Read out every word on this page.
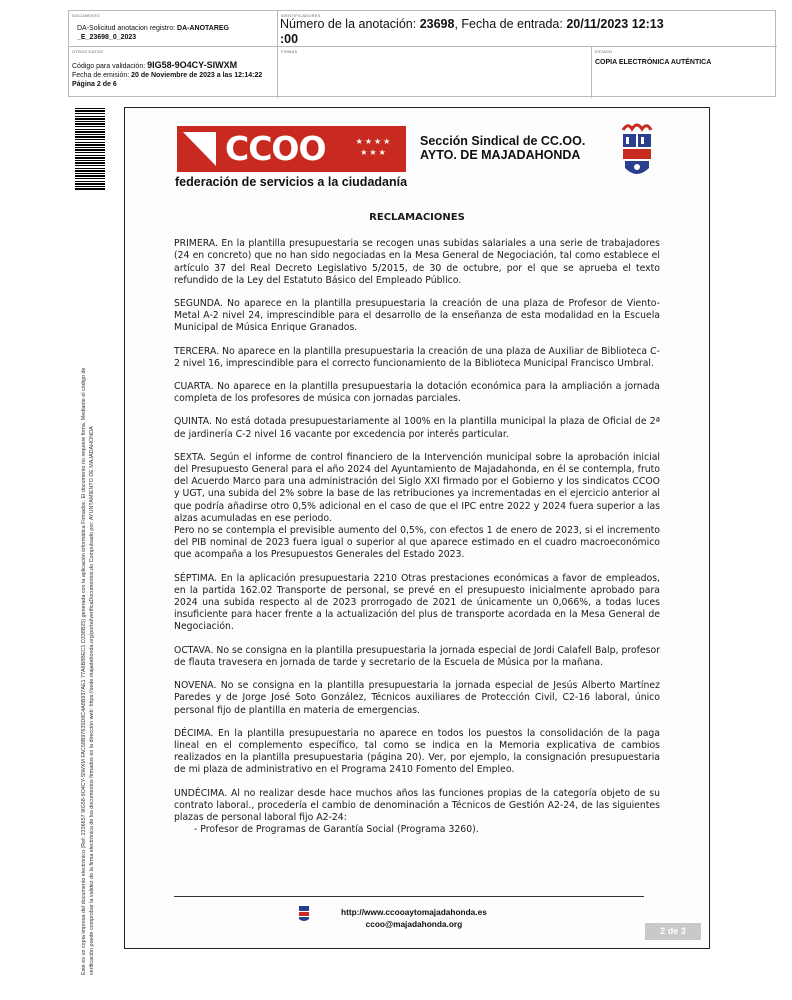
DOCUMENTO
DA-Solicitud anotacion registro: DA-ANOTAREG
_E_23698_0_2023
IDENTIFICADORES
Número de la anotación: 23698, Fecha de entrada: 20/11/2023 12:13
:00
OTROS DATOS
Código para validación: 9IG58-9O4CY-SIWXM
Fecha de emisión: 20 de Noviembre de 2023 a las 12:14:22
Página 2 de 6
FIRMAS	ESTADO
COPIA ELECTRÓNICA AUTÉNTICA
Este es un copia impresa del documento electrónico (Ref: 2336657 9IG58-9O4CY-SIWXM FAC58B97635D8C4A8B937AE1 77A6B8BEC1 D338B25) generada con la aplicación informática Firmadoc. El documento no requiere firma. Mediante el código de verificación puede comprobar la validez de la firma electrónica de los documentos firmados en la dirección web: https://sede.majadahonda.org/portal/verificaDocumentos.do Compulsado por: AYUNTAMIENTO DE MAJADAHONDA
CCOO	★★★★ ★★★
federación de servicios a la ciudadanía
Sección Sindical de CC.OO.
AYTO. DE MAJADAHONDA
RECLAMACIONES

PRIMERA. En la plantilla presupuestaria se recogen unas subidas salariales a una serie de trabajadores (24 en concreto) que no han sido negociadas en la Mesa General de Negociación, tal como establece el artículo 37 del Real Decreto Legislativo 5/2015, de 30 de octubre, por el que se aprueba el texto refundido de la Ley del Estatuto Básico del Empleado Público.

SEGUNDA. No aparece en la plantilla presupuestaria la creación de una plaza de Profesor de Viento-Metal A-2 nivel 24, imprescindible para el desarrollo de la enseñanza de esta modalidad en la Escuela Municipal de Música Enrique Granados.

TERCERA. No aparece en la plantilla presupuestaria la creación de una plaza de Auxiliar de Biblioteca C-2 nivel 16, imprescindible para el correcto funcionamiento de la Biblioteca Municipal Francisco Umbral.

CUARTA. No aparece en la plantilla presupuestaria la dotación económica para la ampliación a jornada completa de los profesores de música con jornadas parciales.

QUINTA. No está dotada presupuestariamente al 100% en la plantilla municipal la plaza de Oficial de 2ª de jardinería C-2 nivel 16 vacante por excedencia por interés particular.

SEXTA. Según el informe de control financiero de la Intervención municipal sobre la aprobación inicial del Presupuesto General para el año 2024 del Ayuntamiento de Majadahonda, en él se contempla, fruto del Acuerdo Marco para una administración del Siglo XXI firmado por el Gobierno y los sindicatos CCOO y UGT, una subida del 2% sobre la base de las retribuciones ya incrementadas en el ejercicio anterior al que podría añadirse otro 0,5% adicional en el caso de que el IPC entre 2022 y 2024 fuera superior a las alzas acumuladas en ese periodo.

Pero no se contempla el previsible aumento del 0,5%, con efectos 1 de enero de 2023, si el incremento del PIB nominal de 2023 fuera igual o superior al que aparece estimado en el cuadro macroeconómico que acompaña a los Presupuestos Generales del Estado 2023.

SÉPTIMA. En la aplicación presupuestaria 2210 Otras prestaciones económicas a favor de empleados, en la partida 162.02 Transporte de personal, se prevé en el presupuesto inicialmente aprobado para 2024 una subida respecto al de 2023 prorrogado de 2021 de únicamente un 0,066%, a todas luces insuficiente para hacer frente a la actualización del plus de transporte acordada en la Mesa General de Negociación.

OCTAVA. No se consigna en la plantilla presupuestaria la jornada especial de Jordi Calafell Balp, profesor de flauta travesera en jornada de tarde y secretario de la Escuela de Música por la mañana.

NOVENA. No se consigna en la plantilla presupuestaria la jornada especial de Jesús Alberto Martínez Paredes y de Jorge José Soto González, Técnicos auxiliares de Protección Civil, C2-16 laboral, único personal fijo de plantilla en materia de emergencias.

DÉCIMA. En la plantilla presupuestaria no aparece en todos los puestos la consolidación de la paga lineal en el complemento específico, tal como se indica en la Memoria explicativa de cambios realizados en la plantilla presupuestaria (página 20). Ver, por ejemplo, la consignación presupuestaria de mi plaza de administrativo en el Programa 2410 Fomento del Empleo.

UNDÉCIMA. Al no realizar desde hace muchos años las funciones propias de la categoría objeto de su contrato laboral., procedería el cambio de denominación a Técnicos de Gestión A2-24, de las siguientes plazas de personal laboral fijo A2-24:

- Profesor de Programas de Garantía Social (Programa 3260).
http://www.ccooaytomajadahonda.es
ccoo@majadahonda.org
2 de 3
